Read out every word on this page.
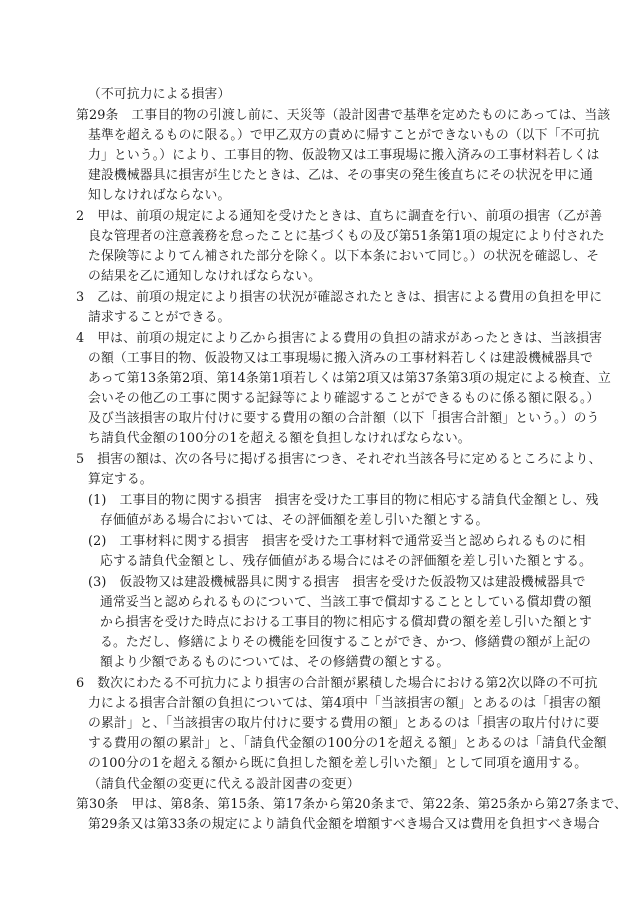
（不可抗力による損害）
第29条　工事目的物の引渡し前に、天災等（設計図書で基準を定めたものにあっては、当該
基準を超えるものに限る。）で甲乙双方の責めに帰すことができないもの（以下「不可抗
力」という。）により、工事目的物、仮設物又は工事現場に搬入済みの工事材料若しくは
建設機械器具に損害が生じたときは、乙は、その事実の発生後直ちにその状況を甲に通
知しなければならない。
2　甲は、前項の規定による通知を受けたときは、直ちに調査を行い、前項の損害（乙が善
良な管理者の注意義務を怠ったことに基づくもの及び第51条第1項の規定により付された
た保険等によりてん補された部分を除く。以下本条において同じ。）の状況を確認し、そ
の結果を乙に通知しなければならない。
3　乙は、前項の規定により損害の状況が確認されたときは、損害による費用の負担を甲に
請求することができる。
4　甲は、前項の規定により乙から損害による費用の負担の請求があったときは、当該損害
の額（工事目的物、仮設物又は工事現場に搬入済みの工事材料若しくは建設機械器具で
あって第13条第2項、第14条第1項若しくは第2項又は第37条第3項の規定による検査、立
会いその他乙の工事に関する記録等により確認することができるものに係る額に限る。）
及び当該損害の取片付けに要する費用の額の合計額（以下「損害合計額」という。）のう
ち請負代金額の100分の1を超える額を負担しなければならない。
5　損害の額は、次の各号に掲げる損害につき、それぞれ当該各号に定めるところにより、
算定する。
(1)　工事目的物に関する損害　損害を受けた工事目的物に相応する請負代金額とし、残
存価値がある場合においては、その評価額を差し引いた額とする。
(2)　工事材料に関する損害　損害を受けた工事材料で通常妥当と認められるものに相
応する請負代金額とし、残存価値がある場合にはその評価額を差し引いた額とする。
(3)　仮設物又は建設機械器具に関する損害　損害を受けた仮設物又は建設機械器具で
通常妥当と認められるものについて、当該工事で償却することとしている償却費の額
から損害を受けた時点における工事目的物に相応する償却費の額を差し引いた額とす
る。ただし、修繕によりその機能を回復することができ、かつ、修繕費の額が上記の
額より少額であるものについては、その修繕費の額とする。
6　数次にわたる不可抗力により損害の合計額が累積した場合における第2次以降の不可抗
力による損害合計額の負担については、第4項中「当該損害の額」とあるのは「損害の額
の累計」と、「当該損害の取片付けに要する費用の額」とあるのは「損害の取片付けに要
する費用の額の累計」と、「請負代金額の100分の1を超える額」とあるのは「請負代金額
の100分の1を超える額から既に負担した額を差し引いた額」として同項を適用する。
（請負代金額の変更に代える設計図書の変更）
第30条　甲は、第8条、第15条、第17条から第20条まで、第22条、第25条から第27条まで、
第29条又は第33条の規定により請負代金額を増額すべき場合又は費用を負担すべき場合
